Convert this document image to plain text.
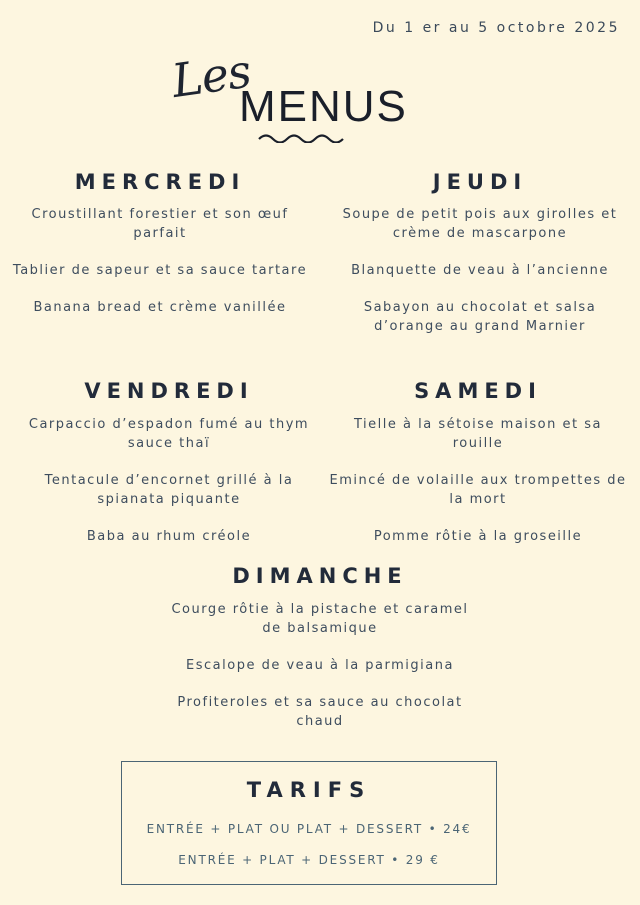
Du 1 er au 5 octobre 2025
Les
MENUS
MERCREDI
Croustillant forestier et son œuf parfait
Tablier de sapeur et sa sauce tartare
Banana bread et crème vanillée
JEUDI
Soupe de petit pois aux girolles et crème de mascarpone
Blanquette de veau à l’ancienne
Sabayon au chocolat et salsa d’orange au grand Marnier
VENDREDI
Carpaccio d’espadon fumé au thym sauce thaï
Tentacule d’encornet grillé à la spianata piquante
Baba au rhum créole
SAMEDI
Tielle à la sétoise maison et sa rouille
Emincé de volaille aux trompettes de la mort
Pomme rôtie à la groseille
DIMANCHE
Courge rôtie à la pistache et caramel de balsamique
Escalope de veau à la parmigiana
Profiteroles et sa sauce au chocolat chaud
TARIFS
ENTRÉE + PLAT OU PLAT + DESSERT • 24€
ENTRÉE + PLAT + DESSERT • 29 €
